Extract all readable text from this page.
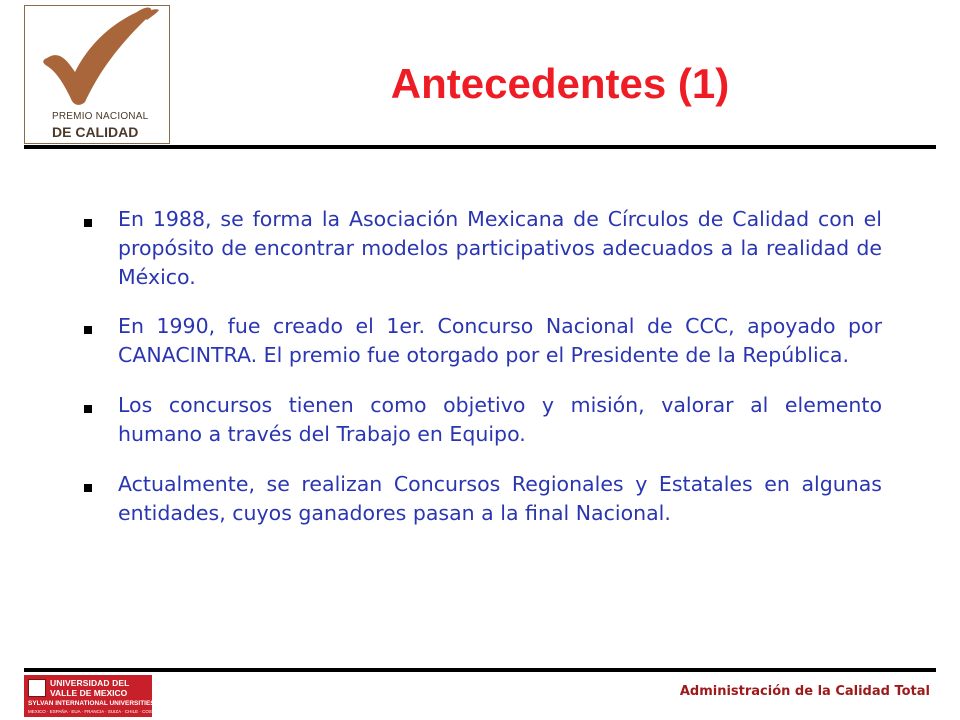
PREMIO NACIONAL
DE CALIDAD
Antecedentes (1)
En 1988, se forma la Asociación Mexicana de Círculos de Calidad con el propósito de encontrar modelos participativos adecuados a la realidad de México.
En 1990, fue creado el 1er. Concurso Nacional de CCC, apoyado por CANACINTRA. El premio fue otorgado por el Presidente de la República.
Los concursos tienen como objetivo y misión, valorar al elemento humano a través del Trabajo en Equipo.
Actualmente, se realizan Concursos Regionales y Estatales en algunas entidades, cuyos ganadores pasan a la final Nacional.
UNIVERSIDAD DEL
VALLE DE MEXICO
SYLVAN INTERNATIONAL UNIVERSITIES
MEXICO · ESPAÑA · EUA · FRANCIA · SUIZA · CHILE · COSTA RICA · PANAMA
Administración de la Calidad Total
